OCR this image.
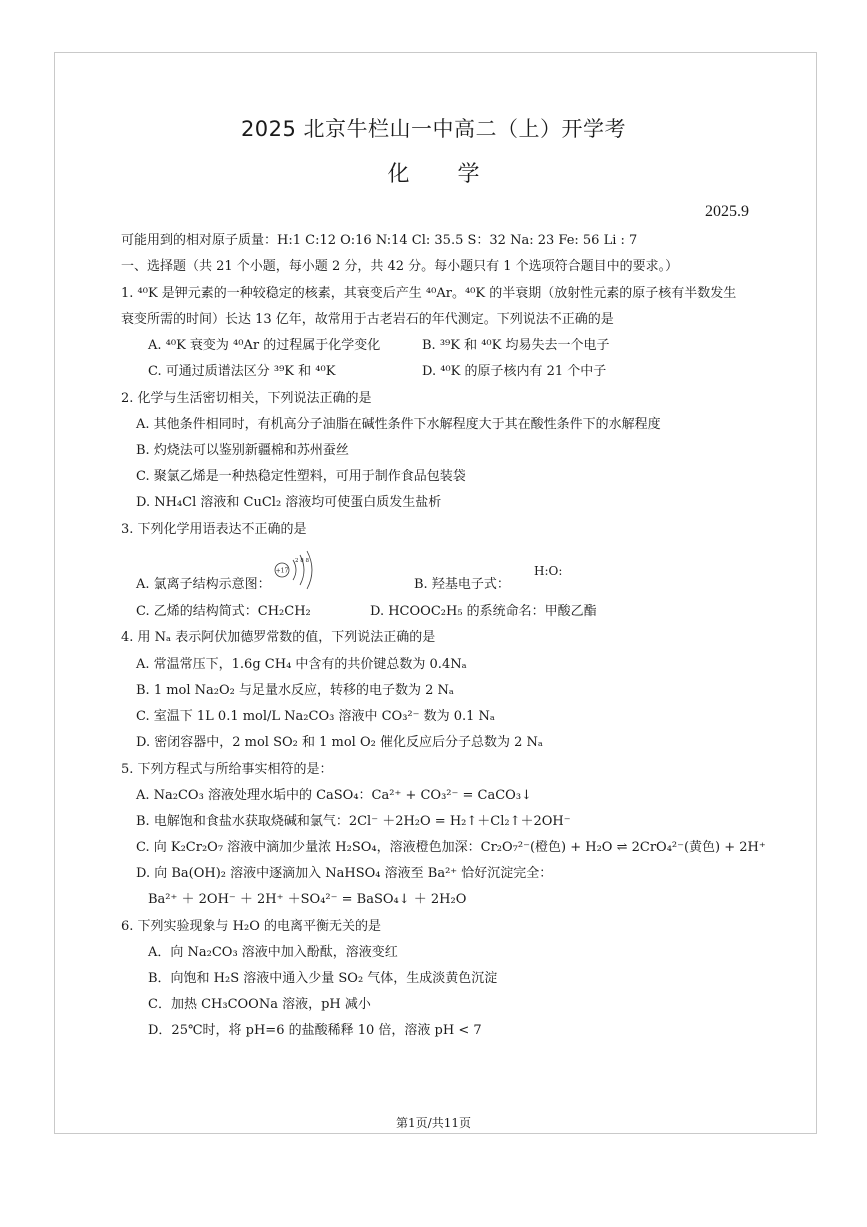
2025 北京牛栏山一中高二（上）开学考
化学
2025.9
可能用到的相对原子质量：H:1 C:12 O:16 N:14 Cl: 35.5 S：32 Na: 23 Fe: 56 Li : 7
一、选择题（共 21 个小题，每小题 2 分，共 42 分。每小题只有 1 个选项符合题目中的要求。）
1. ⁴⁰K 是钾元素的一种较稳定的核素，其衰变后产生 ⁴⁰Ar。⁴⁰K 的半衰期（放射性元素的原子核有半数发生
衰变所需的时间）长达 13 亿年，故常用于古老岩石的年代测定。下列说法不正确的是
A. ⁴⁰K 衰变为 ⁴⁰Ar 的过程属于化学变化	B. ³⁹K 和 ⁴⁰K 均易失去一个电子
C. 可通过质谱法区分 ³⁹K 和 ⁴⁰K	D. ⁴⁰K 的原子核内有 21 个中子
2. 化学与生活密切相关，下列说法正确的是
A. 其他条件相同时，有机高分子油脂在碱性条件下水解程度大于其在酸性条件下的水解程度
B. 灼烧法可以鉴别新疆棉和苏州蚕丝
C. 聚氯乙烯是一种热稳定性塑料，可用于制作食品包装袋
D. NH₄Cl 溶液和 CuCl₂ 溶液均可使蛋白质发生盐析
3. 下列化学用语表达不正确的是
A. 氯离子结构示意图：
+17
2 8 8
B. 羟基电子式：
H:O:
C. 乙烯的结构简式：CH₂CH₂	D. HCOOC₂H₅ 的系统命名：甲酸乙酯
4. 用 Nₐ 表示阿伏加德罗常数的值，下列说法正确的是
A. 常温常压下，1.6g CH₄ 中含有的共价键总数为 0.4Nₐ
B. 1 mol Na₂O₂ 与足量水反应，转移的电子数为 2 Nₐ
C. 室温下 1L 0.1 mol/L Na₂CO₃ 溶液中 CO₃²⁻ 数为 0.1 Nₐ
D. 密闭容器中，2 mol SO₂ 和 1 mol O₂ 催化反应后分子总数为 2 Nₐ
5. 下列方程式与所给事实相符的是：
A. Na₂CO₃ 溶液处理水垢中的 CaSO₄：Ca²⁺ + CO₃²⁻ = CaCO₃↓
B. 电解饱和食盐水获取烧碱和氯气：2Cl⁻ ＋2H₂O = H₂↑＋Cl₂↑＋2OH⁻
C. 向 K₂Cr₂O₇ 溶液中滴加少量浓 H₂SO₄，溶液橙色加深：Cr₂O₇²⁻(橙色) + H₂O ⇌ 2CrO₄²⁻(黄色) + 2H⁺
D. 向 Ba(OH)₂ 溶液中逐滴加入 NaHSO₄ 溶液至 Ba²⁺ 恰好沉淀完全：
Ba²⁺ ＋ 2OH⁻ ＋ 2H⁺ ＋SO₄²⁻ = BaSO₄↓ ＋ 2H₂O
6. 下列实验现象与 H₂O 的电离平衡无关的是
A．向 Na₂CO₃ 溶液中加入酚酞，溶液变红
B．向饱和 H₂S 溶液中通入少量 SO₂ 气体，生成淡黄色沉淀
C．加热 CH₃COONa 溶液，pH 减小
D．25℃时，将 pH=6 的盐酸稀释 10 倍，溶液 pH < 7
第1页/共11页
